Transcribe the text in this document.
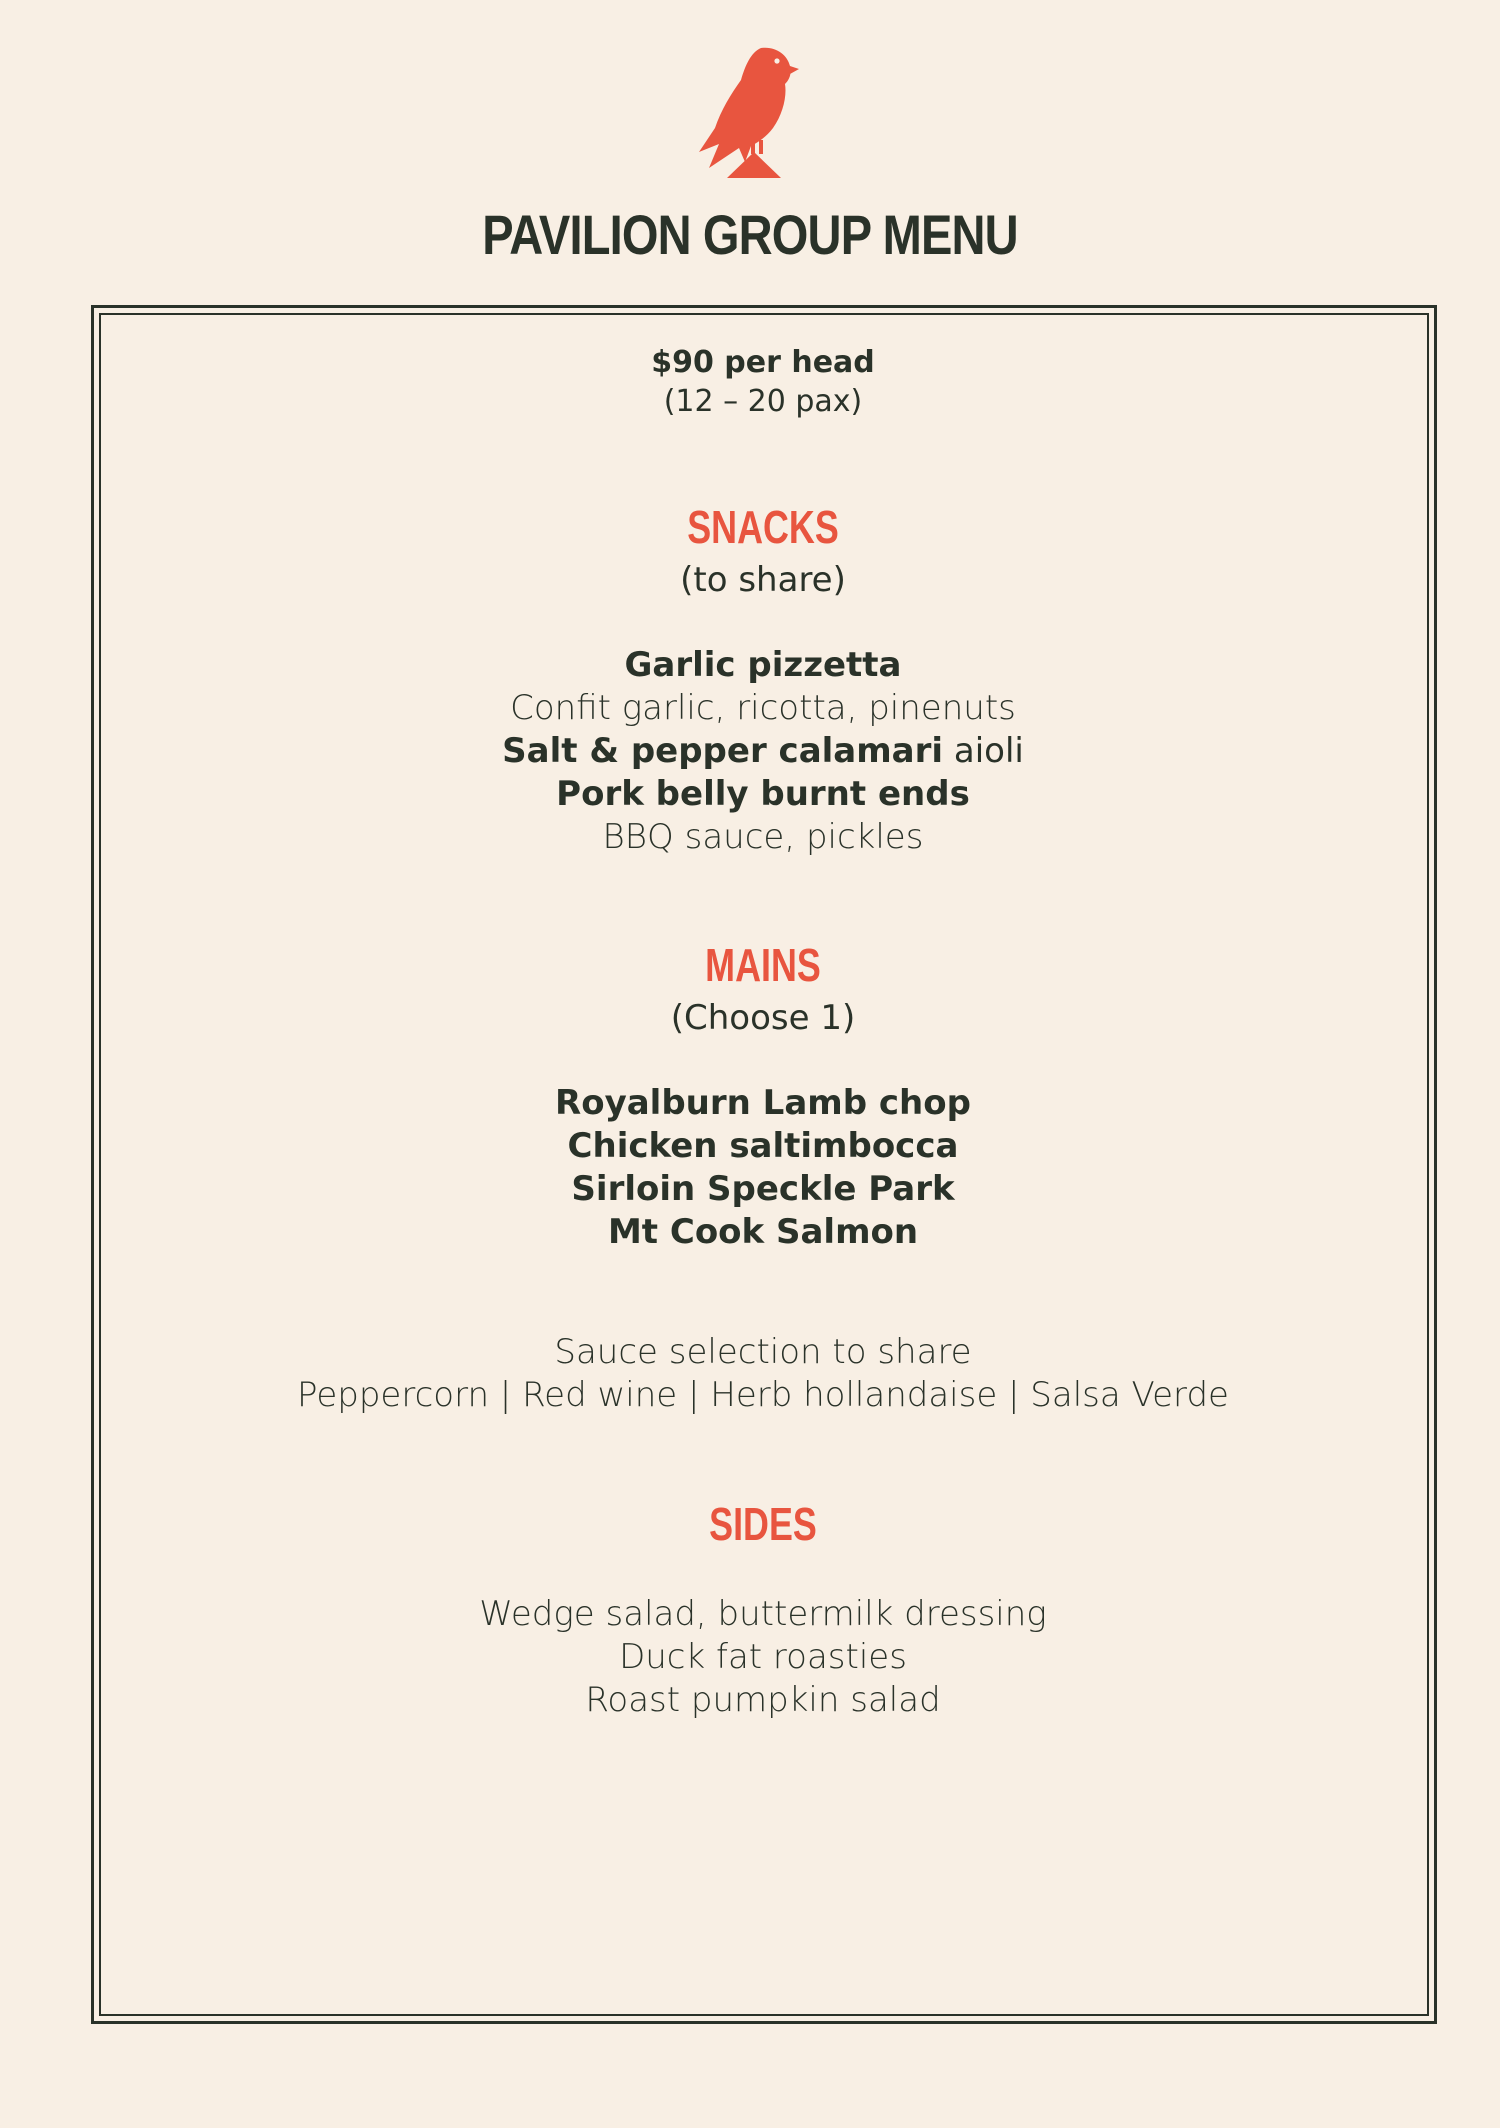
PAVILION GROUP MENU
$90 per head
(12 – 20 pax)
SNACKS
(to share)
Garlic pizzetta
Confit garlic, ricotta, pinenuts
Salt & pepper calamari aioli
Pork belly burnt ends
BBQ sauce, pickles
MAINS
(Choose 1)
Royalburn Lamb chop
Chicken saltimbocca
Sirloin Speckle Park
Mt Cook Salmon
Sauce selection to share
Peppercorn | Red wine | Herb hollandaise | Salsa Verde
SIDES
Wedge salad, buttermilk dressing
Duck fat roasties
Roast pumpkin salad
